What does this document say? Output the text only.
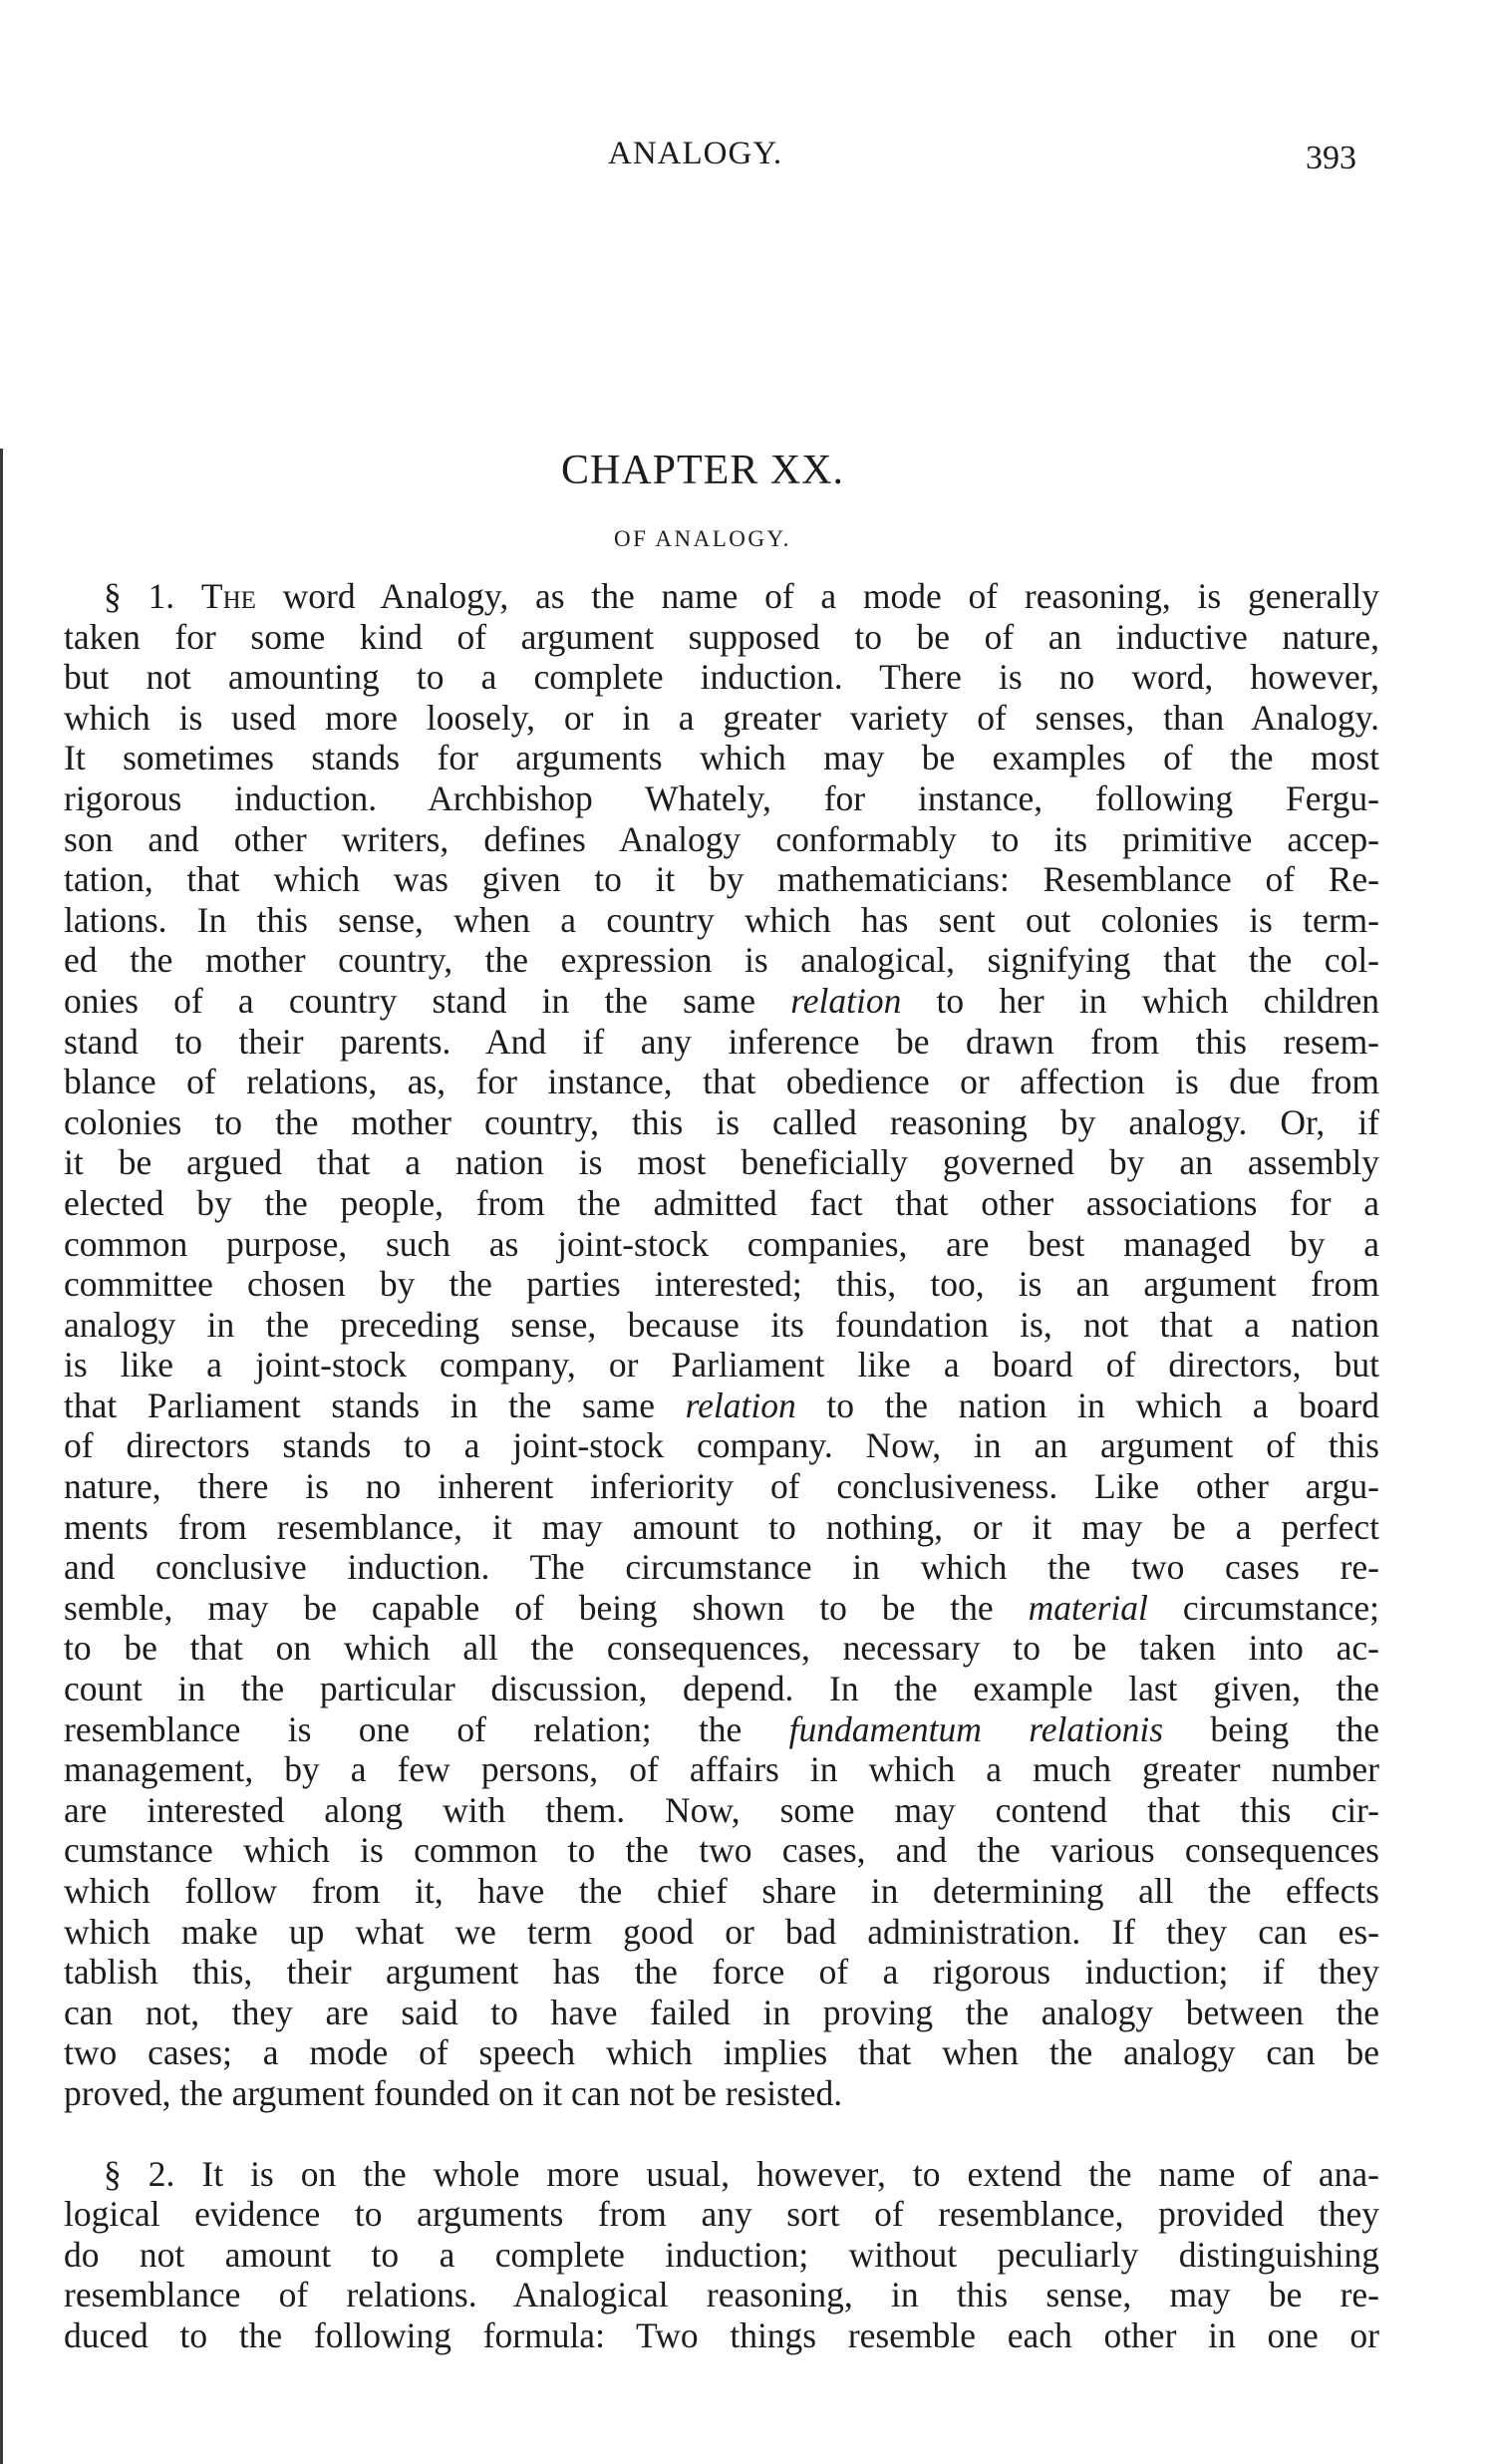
ANALOGY.	393
CHAPTER XX.
OF ANALOGY.
§ 1. The word Analogy, as the name of a mode of reasoning, is generally
taken for some kind of argument supposed to be of an inductive nature,
but not amounting to a complete induction. There is no word, however,
which is used more loosely, or in a greater variety of senses, than Analogy.
It sometimes stands for arguments which may be examples of the most
rigorous induction. Archbishop Whately, for instance, following Fergu-
son and other writers, defines Analogy conformably to its primitive accep-
tation, that which was given to it by mathematicians: Resemblance of Re-
lations. In this sense, when a country which has sent out colonies is term-
ed the mother country, the expression is analogical, signifying that the col-
onies of a country stand in the same relation to her in which children
stand to their parents. And if any inference be drawn from this resem-
blance of relations, as, for instance, that obedience or affection is due from
colonies to the mother country, this is called reasoning by analogy. Or, if
it be argued that a nation is most beneficially governed by an assembly
elected by the people, from the admitted fact that other associations for a
common purpose, such as joint-stock companies, are best managed by a
committee chosen by the parties interested; this, too, is an argument from
analogy in the preceding sense, because its foundation is, not that a nation
is like a joint-stock company, or Parliament like a board of directors, but
that Parliament stands in the same relation to the nation in which a board
of directors stands to a joint-stock company. Now, in an argument of this
nature, there is no inherent inferiority of conclusiveness. Like other argu-
ments from resemblance, it may amount to nothing, or it may be a perfect
and conclusive induction. The circumstance in which the two cases re-
semble, may be capable of being shown to be the material circumstance;
to be that on which all the consequences, necessary to be taken into ac-
count in the particular discussion, depend. In the example last given, the
resemblance is one of relation; the fundamentum relationis being the
management, by a few persons, of affairs in which a much greater number
are interested along with them. Now, some may contend that this cir-
cumstance which is common to the two cases, and the various consequences
which follow from it, have the chief share in determining all the effects
which make up what we term good or bad administration. If they can es-
tablish this, their argument has the force of a rigorous induction; if they
can not, they are said to have failed in proving the analogy between the
two cases; a mode of speech which implies that when the analogy can be
proved, the argument founded on it can not be resisted.
§ 2. It is on the whole more usual, however, to extend the name of ana-
logical evidence to arguments from any sort of resemblance, provided they
do not amount to a complete induction; without peculiarly distinguishing
resemblance of relations. Analogical reasoning, in this sense, may be re-
duced to the following formula: Two things resemble each other in one or
